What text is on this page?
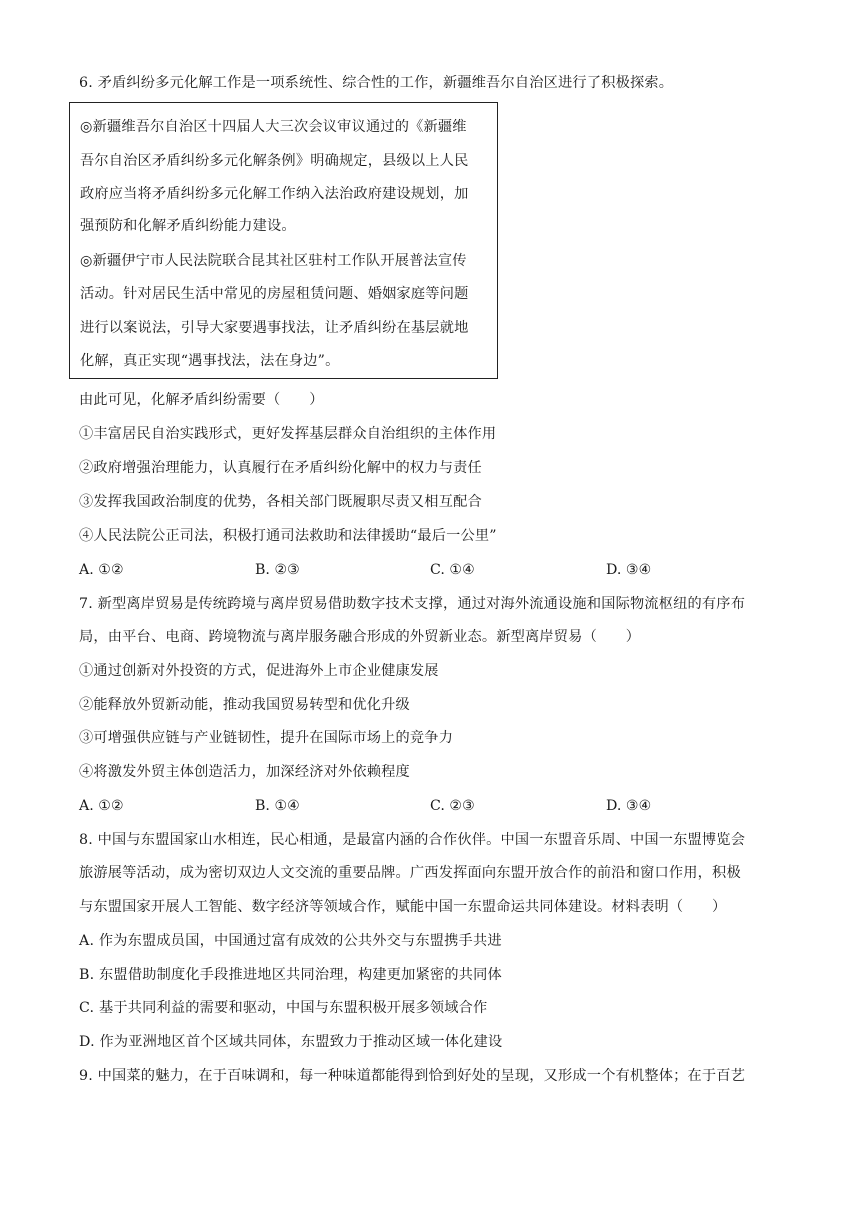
6. 矛盾纠纷多元化解工作是一项系统性、综合性的工作，新疆维吾尔自治区进行了积极探索。
◎新疆维吾尔自治区十四届人大三次会议审议通过的《新疆维
吾尔自治区矛盾纠纷多元化解条例》明确规定，县级以上人民
政府应当将矛盾纠纷多元化解工作纳入法治政府建设规划，加
强预防和化解矛盾纠纷能力建设。
◎新疆伊宁市人民法院联合昆其社区驻村工作队开展普法宣传
活动。针对居民生活中常见的房屋租赁问题、婚姻家庭等问题
进行以案说法，引导大家要遇事找法，让矛盾纠纷在基层就地
化解，真正实现“遇事找法，法在身边”。
由此可见，化解矛盾纠纷需要（　　）
①丰富居民自治实践形式，更好发挥基层群众自治组织的主体作用
②政府增强治理能力，认真履行在矛盾纠纷化解中的权力与责任
③发挥我国政治制度的优势，各相关部门既履职尽责又相互配合
④人民法院公正司法，积极打通司法救助和法律援助“最后一公里”
A. ①②	B. ②③	C. ①④	D. ③④
7. 新型离岸贸易是传统跨境与离岸贸易借助数字技术支撑，通过对海外流通设施和国际物流枢纽的有序布
局，由平台、电商、跨境物流与离岸服务融合形成的外贸新业态。新型离岸贸易（　　）
①通过创新对外投资的方式，促进海外上市企业健康发展
②能释放外贸新动能，推动我国贸易转型和优化升级
③可增强供应链与产业链韧性，提升在国际市场上的竞争力
④将激发外贸主体创造活力，加深经济对外依赖程度
A. ①②	B. ①④	C. ②③	D. ③④
8. 中国与东盟国家山水相连，民心相通，是最富内涵的合作伙伴。中国一东盟音乐周、中国一东盟博览会
旅游展等活动，成为密切双边人文交流的重要品牌。广西发挥面向东盟开放合作的前沿和窗口作用，积极
与东盟国家开展人工智能、数字经济等领域合作，赋能中国一东盟命运共同体建设。材料表明（　　）
A. 作为东盟成员国，中国通过富有成效的公共外交与东盟携手共进
B. 东盟借助制度化手段推进地区共同治理，构建更加紧密的共同体
C. 基于共同利益的需要和驱动，中国与东盟积极开展多领域合作
D. 作为亚洲地区首个区域共同体，东盟致力于推动区域一体化建设
9. 中国菜的魅力，在于百味调和，每一种味道都能得到恰到好处的呈现，又形成一个有机整体；在于百艺
